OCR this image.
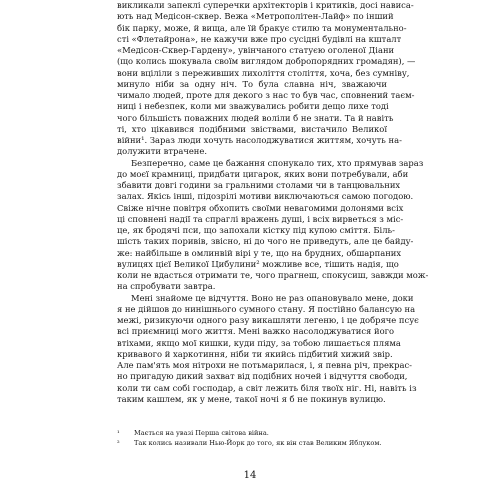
викликали запеклі суперечки архітекторів і критиків, досі нависа-
ють над Медісон-сквер. Вежа «Метрополітен-Лайф» по інший
бік парку, може, й вища, але їй бракує стилю та монументально-
сті «Флетайрона», не кажучи вже про сусідні будівлі на кшталт
«Медісон-Сквер-Гардену», увінчаного статуєю оголеної Діани
(що колись шокувала своїм виглядом добропорядних громадян), —
вони вціліли з переживших лихоліття століття, хоча, без сумніву,
минуло ніби за одну ніч. То була славна ніч, зважаючи
чимало людей, проте для декого з нас то був час, сповнений таєм-
ниці і небезпек, коли ми зважувались робити дещо лихе тоді
чого більшість поважних людей воліли б не знати. Та й навіть
ті, хто цікавився подібними звіствами, вистачило Великої
війни¹. Зараз люди хочуть насолоджуватися життям, хочуть на-
долужити втрачене.
Безперечно, саме це бажання спонукало тих, хто прямував зараз
до моєї крамниці, придбати цигарок, яких вони потребували, аби
збавити довгі години за гральними столами чи в танцювальних
залах. Якісь інші, підозрілі мотиви виключаються самою погодою.
Свіже нічне повітря обхопить своїми невагомими долонями всіх
ці сповнені надії та спраглі вражень душі, і всіх вирветься з міс-
це, як бродячі пси, що запохали кістку під купою сміття. Біль-
шість таких поривів, звісно, ні до чого не приведуть, але це байду-
же: найбільше в омлинвій вірі у те, що на брудних, обшарпаних
вулицях цієї Великої Цибулини² можливе все, тішить надія, що
коли не вдасться отримати те, чого прагнеш, спокусиш, завжди мож-
на спробувати завтра.
Мені знайоме це відчуття. Воно не раз опановувало мене, доки
я не дійшов до нинішнього сумного стану. Я постійно балансую на
межі, ризикуючи одного разу викашляти легеню, і це добряче псує
всі приємниці мого життя. Мені важко насолоджуватися його
втіхами, якщо мої кишки, куди піду, за тобою лишається пляма
кривавого й харкотиння, ніби ти якийсь підбитий хижий звір.
Але пам'ять моя нітрохи не потьмарилася, і, я певна річ, прекрас-
но пригадую дикий захват від подібних ночей і відчуття свободи,
коли ти сам собі господар, а світ лежить біля твоїх ніг. Ні, навіть із
таким кашлем, як у мене, такої ночі я б не покинув вулицю.
¹ Мається на увазі Перша світова війна.
² Так колись називали Нью-Йорк до того, як він став Великим Яблуком.
14
